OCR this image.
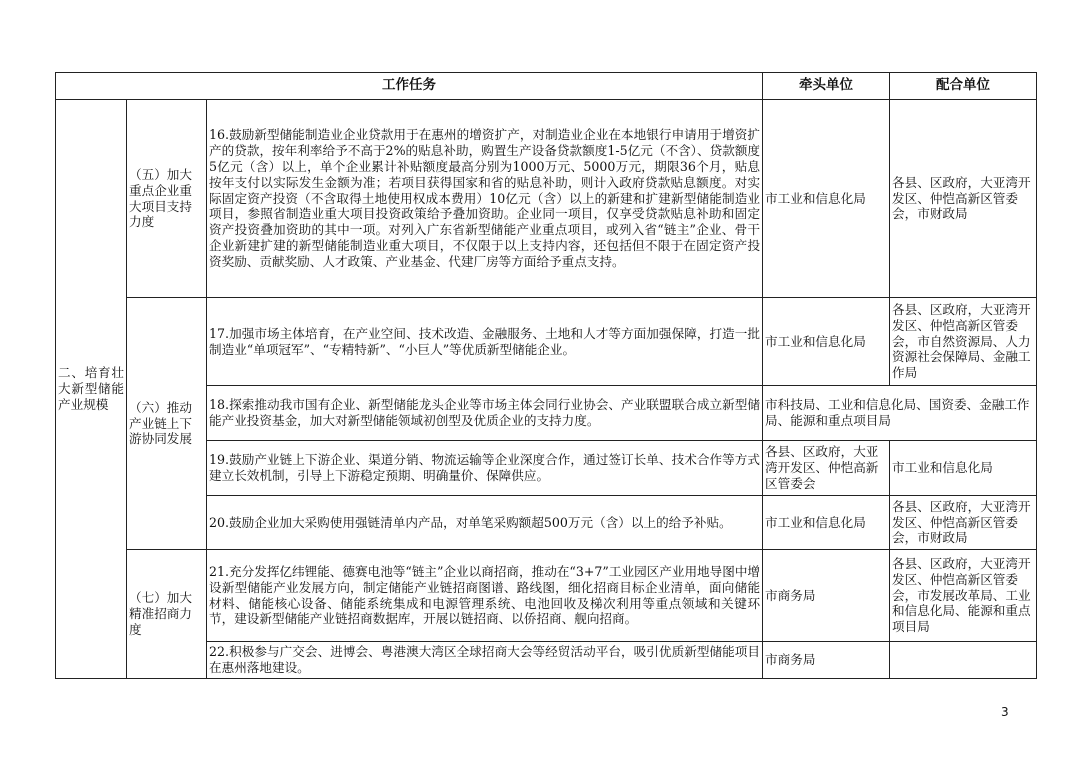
工作任务			牵头单位	配合单位
二、培育壮大新型储能产业规模	（五）加大重点企业重大项目支持力度	16.鼓励新型储能制造业企业贷款用于在惠州的增资扩产，对制造业企业在本地银行申请用于增资扩产的贷款，按年利率给予不高于2%的贴息补助，购置生产设备贷款额度1-5亿元（不含）、贷款额度5亿元（含）以上，单个企业累计补贴额度最高分别为1000万元、5000万元，期限36个月，贴息按年支付以实际发生金额为准；若项目获得国家和省的贴息补助，则计入政府贷款贴息额度。对实际固定资产投资（不含取得土地使用权成本费用）10亿元（含）以上的新建和扩建新型储能制造业项目，参照省制造业重大项目投资政策给予叠加资助。企业同一项目，仅享受贷款贴息补助和固定资产投资叠加资助的其中一项。对列入广东省新型储能产业重点项目，或列入省“链主”企业、骨干企业新建扩建的新型储能制造业重大项目，不仅限于以上支持内容，还包括但不限于在固定资产投资奖励、贡献奖励、人才政策、产业基金、代建厂房等方面给予重点支持。	市工业和信息化局	各县、区政府，大亚湾开发区、仲恺高新区管委会，市财政局
	（六）推动产业链上下游协同发展	17.加强市场主体培育，在产业空间、技术改造、金融服务、土地和人才等方面加强保障，打造一批制造业“单项冠军”、“专精特新”、“小巨人”等优质新型储能企业。	市工业和信息化局	各县、区政府，大亚湾开发区、仲恺高新区管委会，市自然资源局、人力资源社会保障局、金融工作局
		18.探索推动我市国有企业、新型储能龙头企业等市场主体会同行业协会、产业联盟联合成立新型储能产业投资基金，加大对新型储能领域初创型及优质企业的支持力度。	市科技局、工业和信息化局、国资委、金融工作局、能源和重点项目局	
		19.鼓励产业链上下游企业、渠道分销、物流运输等企业深度合作，通过签订长单、技术合作等方式建立长效机制，引导上下游稳定预期、明确量价、保障供应。	各县、区政府，大亚湾开发区、仲恺高新区管委会	市工业和信息化局
		20.鼓励企业加大采购使用强链清单内产品，对单笔采购额超500万元（含）以上的给予补贴。	市工业和信息化局	各县、区政府，大亚湾开发区、仲恺高新区管委会，市财政局
	（七）加大精准招商力度	21.充分发挥亿纬锂能、德赛电池等“链主”企业以商招商，推动在“3+7”工业园区产业用地导图中增设新型储能产业发展方向，制定储能产业链招商图谱、路线图，细化招商目标企业清单，面向储能材料、储能核心设备、储能系统集成和电源管理系统、电池回收及梯次利用等重点领域和关键环节，建设新型储能产业链招商数据库，开展以链招商、以侨招商、舰向招商。	市商务局	各县、区政府，大亚湾开发区、仲恺高新区管委会，市发展改革局、工业和信息化局、能源和重点项目局
		22.积极参与广交会、进博会、粤港澳大湾区全球招商大会等经贸活动平台，吸引优质新型储能项目在惠州落地建设。	市商务局	
3
